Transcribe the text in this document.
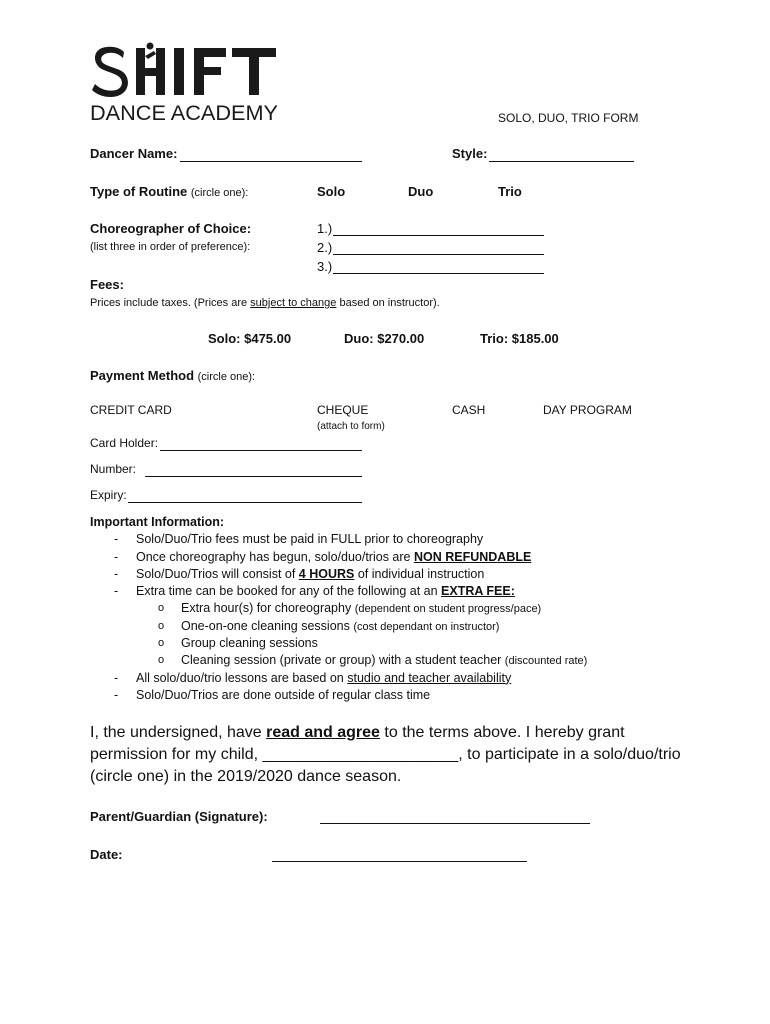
DANCE ACADEMY	SOLO, DUO, TRIO FORM
Dancer Name:	Style:
Type of Routine (circle one):	Solo	Duo	Trio
Choreographer of Choice:
(list three in order of preference):
1.)
2.)
3.)
Fees:
Prices include taxes. (Prices are subject to change based on instructor).
Solo: $475.00	Duo: $270.00	Trio: $185.00
Payment Method (circle one):
CREDIT CARD	CHEQUE
(attach to form)
CASH	DAY PROGRAM
Card Holder:
Number:
Expiry:
Important Information:
- Solo/Duo/Trio fees must be paid in FULL prior to choreography
- Once choreography has begun, solo/duo/trios are NON REFUNDABLE
- Solo/Duo/Trios will consist of 4 HOURS of individual instruction
- Extra time can be booked for any of the following at an EXTRA FEE:
o Extra hour(s) for choreography (dependent on student progress/pace)
o One-on-one cleaning sessions (cost dependant on instructor)
o Group cleaning sessions
o Cleaning session (private or group) with a student teacher (discounted rate)
- All solo/duo/trio lessons are based on studio and teacher availability
- Solo/Duo/Trios are done outside of regular class time
I, the undersigned, have read and agree to the terms above. I hereby grant permission for my child, ______________________, to participate in a solo/duo/trio (circle one) in the 2019/2020 dance season.
Parent/Guardian (Signature):
Date:
